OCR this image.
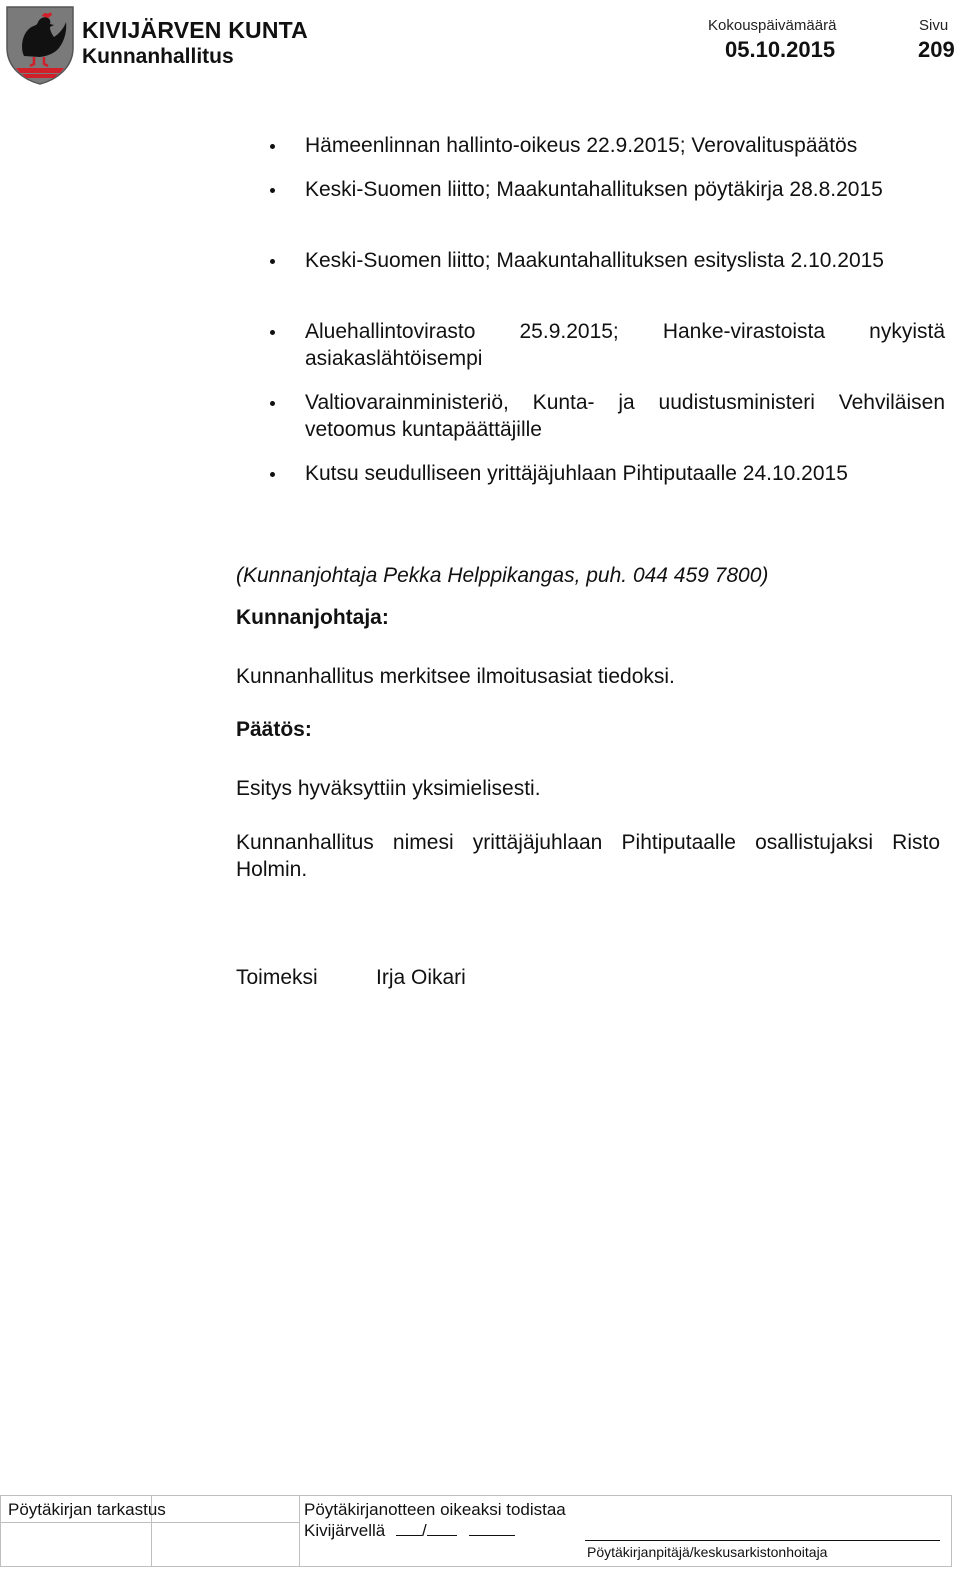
KIVIJÄRVEN KUNTA
Kunnanhallitus
Kokouspäivämäärä
05.10.2015
Sivu
209
Hämeenlinnan hallinto-oikeus 22.9.2015; Verovalituspäätös
Keski-Suomen liitto; Maakuntahallituksen pöytäkirja 28.8.2015
Keski-Suomen liitto; Maakuntahallituksen esityslista 2.10.2015
Aluehallintovirasto 25.9.2015; Hanke-virastoista nykyistä asiakaslähtöisempi
Valtiovarainministeriö, Kunta- ja uudistusministeri Vehviläisen vetoomus kuntapäättäjille
Kutsu seudulliseen yrittäjäjuhlaan Pihtiputaalle 24.10.2015
(Kunnanjohtaja Pekka Helppikangas, puh. 044 459 7800)
Kunnanjohtaja:
Kunnanhallitus merkitsee ilmoitusasiat tiedoksi.
Päätös:
Esitys hyväksyttiin yksimielisesti.
Kunnanhallitus nimesi yrittäjäjuhlaan Pihtiputaalle osallistujaksi Risto Holmin.
Toimeksi	Irja Oikari
Pöytäkirjan tarkastus	Pöytäkirjanotteen oikeaksi todistaa
Kivijärvellä /
Pöytäkirjanpitäjä/keskusarkistonhoitaja
